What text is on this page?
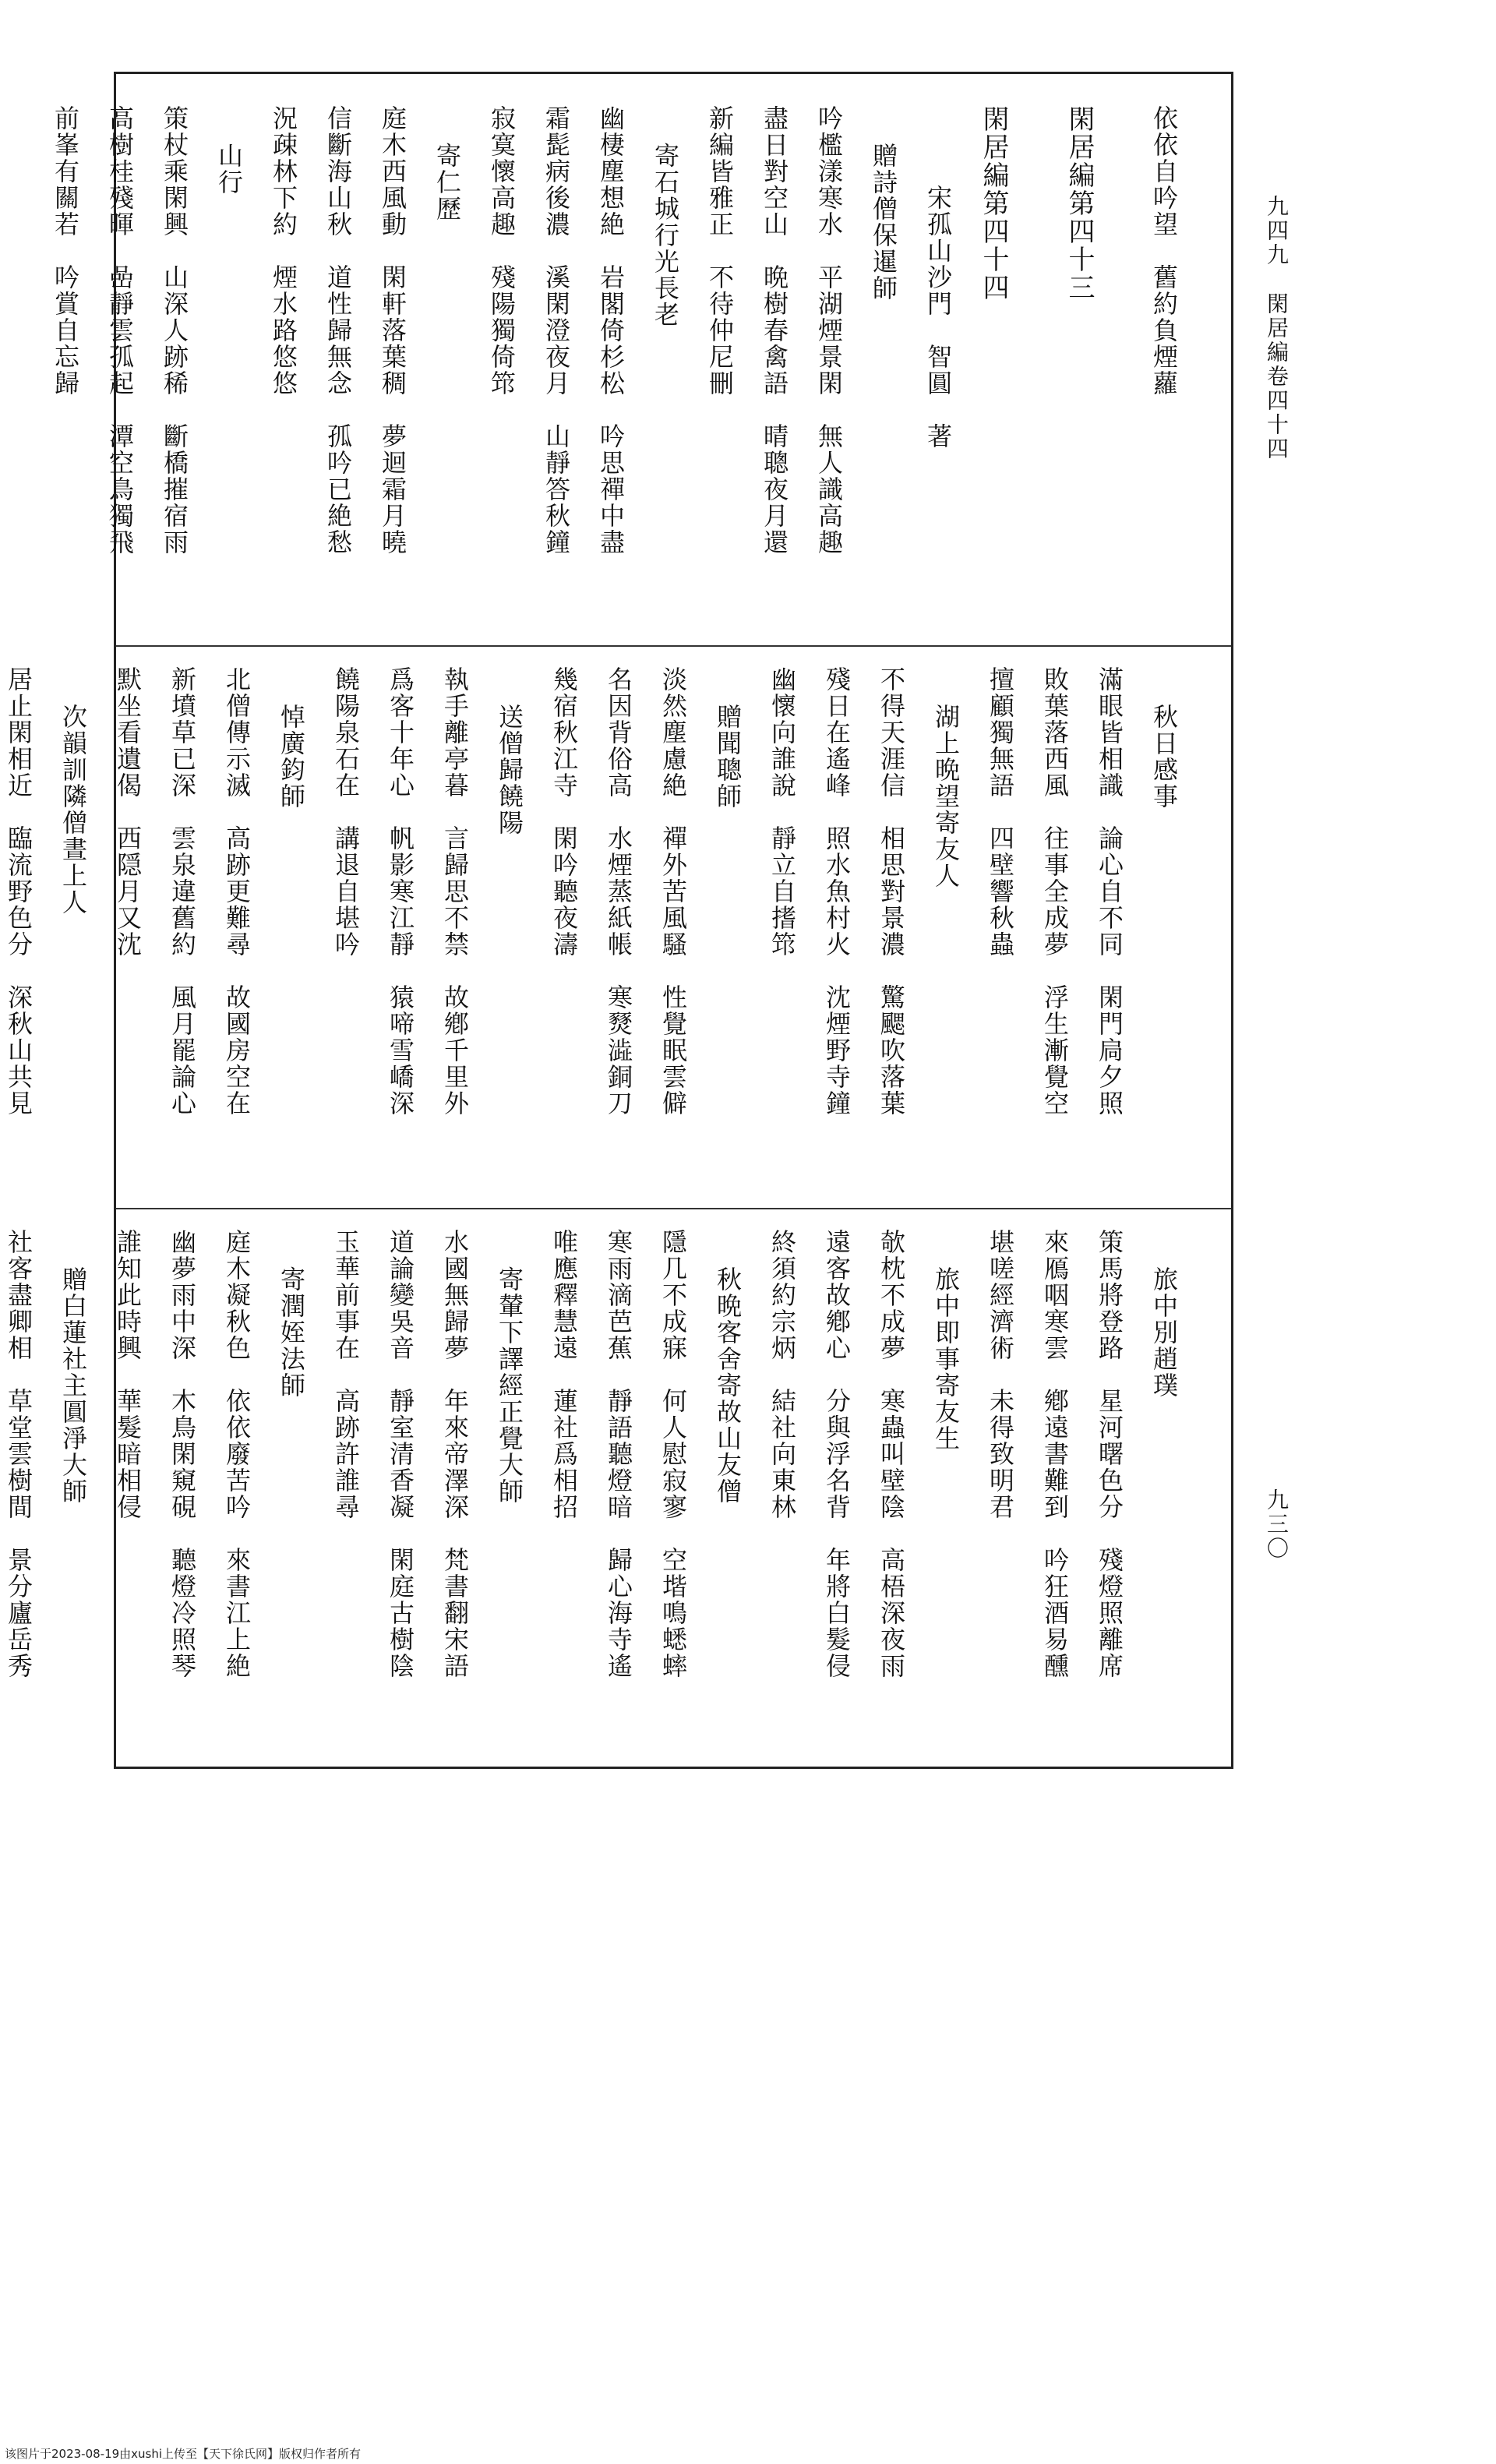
九四九
閑居編卷四十四
九三〇
依依自吟望　舊約負煙蘿
閑居編第四十三
閑居編第四十四
　　　宋孤山沙門　智圓　著
贈詩僧保暹師
吟檻漾寒水　平湖煙景閑　無人識高趣
盡日對空山　晩樹春禽語　晴聰夜月還
新編皆雅正　不待仲尼刪
寄石城行光長老
幽棲塵想絶　岩閣倚杉松　吟思禪中盡
霜髭病後濃　溪閑澄夜月　山靜答秋鐘
寂寞懷高趣　殘陽獨倚筇
寄仁歷
庭木西風動　閑軒落葉稠　夢迴霜月曉
信斷海山秋　道性歸無念　孤吟已絶愁
況疎林下約　煙水路悠悠
山行
策杖乘閑興　山深人跡稀　斷橋摧宿雨
高樹桂殘暉　嵒靜雲孤起　潭空鳥獨飛
前峯有關若　吟賞自忘歸
秋日感事
滿眼皆相識　論心自不同　閑門扃夕照
敗葉落西風　往事全成夢　浮生漸覺空
擅顧獨無語　四壁響秋蟲
湖上晩望寄友人
不得天涯信　相思對景濃　驚颸吹落葉
殘日在遙峰　照水魚村火　沈煙野寺鐘
幽懷向誰說　靜立自搘筇
贈聞聰師
淡然塵慮絶　禪外苦風騷　性覺眠雲僻
名因背俗高　水煙蒸紙帳　寒燹澁銅刀
幾宿秋江寺　閑吟聽夜濤
送僧歸饒陽
執手離亭暮　言歸思不禁　故鄕千里外
爲客十年心　帆影寒江靜　猿啼雪嶠深
饒陽泉石在　講退自堪吟
悼廣鈞師
北僧傳示滅　高跡更難尋　故國房空在
新墳草已深　雲泉違舊約　風月罷論心
默坐看遺偈　西隠月又沈
次韻訓隣僧晝上人
居止閑相近　臨流野色分　深秋山共見
旅中別趙璞
策馬將登路　星河曙色分　殘燈照離席
來鴈咽寒雲　鄕遠書難到　吟狂酒易醺
堪嗟經濟術　未得致明君
旅中即事寄友生
欹枕不成夢　寒蟲叫壁陰　高梧深夜雨
遠客故鄕心　分與浮名背　年將白髮侵
終須約宗炳　結社向東林
秋晩客舍寄故山友僧
隱几不成寐　何人慰寂寥　空堦鳴蟋蟀
寒雨滴芭蕉　靜語聽燈暗　歸心海寺遙
唯應釋慧遠　蓮社爲相招
寄輦下譯經正覺大師
水國無歸夢　年來帝澤深　梵書翻宋語
道論變吳音　靜室清香凝　閑庭古樹陰
玉華前事在　高跡許誰尋
寄潤姪法師
庭木凝秋色　依依廢苦吟　來書江上絶
幽夢雨中深　木鳥閑窺硯　聽燈冷照琴
誰知此時興　華髮暗相侵
贈白蓮社主圓淨大師
社客盡卿相　草堂雲樹間　景分廬岳秀
该图片于2023-08-19由xushi上传至【天下徐氏网】版权归作者所有
